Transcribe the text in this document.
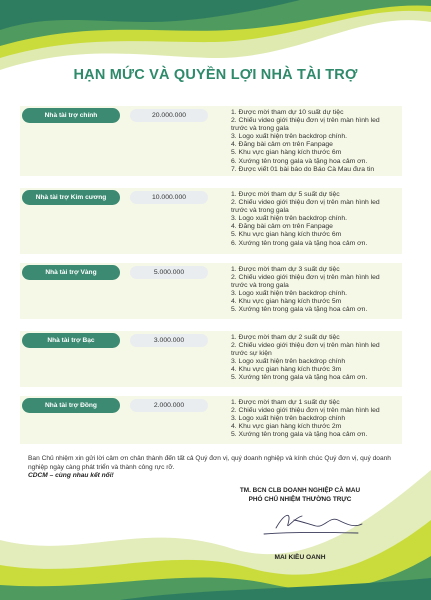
HẠN MỨC VÀ QUYỀN LỢI NHÀ TÀI TRỢ
Nhà tài trợ chính	20.000.000	1. Được mời tham dự 10 suất dự tiệc
2. Chiếu video giới thiệu đơn vị trên màn hình led trước và trong gala
3. Logo xuất hiện trên backdrop chính.
4. Đăng bài cảm ơn trên Fanpage
5. Khu vực gian hàng kích thước 6m
6. Xướng tên trong gala và tặng hoa cảm ơn.
7. Được viết 01 bài báo do Báo Cà Mau đưa tin
Nhà tài trợ Kim cương	10.000.000	1. Được mời tham dự 5 suất dự tiệc
2. Chiếu video giới thiệu đơn vị trên màn hình led trước và trong gala
3. Logo xuất hiện trên backdrop chính.
4. Đăng bài cảm ơn trên Fanpage
5. Khu vực gian hàng kích thước 6m
6. Xướng tên trong gala và tặng hoa cảm ơn.
Nhà tài trợ Vàng	5.000.000	1. Được mời tham dự 3 suất dự tiệc
2. Chiếu video giới thiệu đơn vị trên màn hình led trước và trong gala
3. Logo xuất hiện trên backdrop chính.
4. Khu vực gian hàng kích thước 5m
5. Xướng tên trong gala và tặng hoa cảm ơn.
Nhà tài trợ Bạc	3.000.000	1. Được mời tham dự 2 suất dự tiệc
2. Chiếu video giới thiệu đơn vị trên màn hình led trước sự kiện
3. Logo xuất hiện trên backdrop chính
4. Khu vực gian hàng kích thước 3m
5. Xướng tên trong gala và tặng hoa cảm ơn.
Nhà tài trợ Đồng	2.000.000	1. Được mời tham dự 1 suất dự tiệc
2. Chiếu video giới thiệu đơn vị trên màn hình led
3. Logo xuất hiện trên backdrop chính
4. Khu vực gian hàng kích thước 2m
5. Xướng tên trong gala và tặng hoa cảm ơn.
Ban Chủ nhiệm xin gửi lời cảm ơn chân thành đến tất cả Quý đơn vị, quý doanh nghiệp và kính chúc Quý đơn vị, quý doanh nghiệp ngày càng phát triển và thành công rực rỡ.
CDCM – cùng nhau kết nối!
TM. BCN CLB DOANH NGHIỆP CÀ MAU
PHÓ CHỦ NHIỆM THƯỜNG TRỰC
MAI KIỀU OANH
